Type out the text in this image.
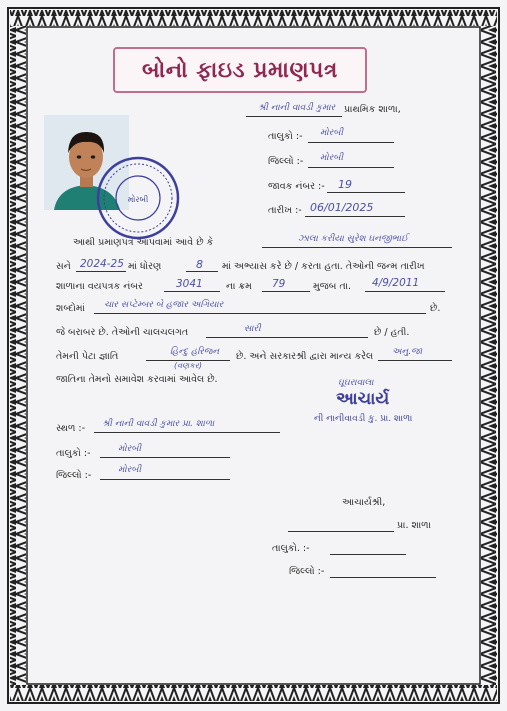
બોનો ફાઇડ પ્રમાણપત્ર
મોરબી
શ્રી નાની વાવડી કુમાર પ્રાથમિક શાળા,
તાલુકો :- મોરબી
જિલ્લો :- મોરબી
જાવક નંબર :- 19
તારીખ :- 06/01/2025
આથી પ્રમાણપત્ર આપવામાં આવે છે કે	ઝાલા કરીયા સુરેશ ઘનજીભાઈ
સને 2024-25 માં ધોરણ	8 માં અભ્યાસ કરે છે / કરતા હતા. તેઓની જન્મ તારીખ
શાળાના વયપત્રક નંબર	3041 ના ક્રમ 79	મુજબ તા. 4/9/2011
શબ્દોમાં ચાર સપ્ટેમ્બર બે હજાર અગિયાર	છે.
જે બરાબર છે. તેઓની ચાલચલગત	સારી	છે / હતી.
તેમની પેટા જ્ઞાતિ	હિન્દુ હરિજન
(વણકર)
છે. અને સરકારશ્રી દ્વારા માન્ય કરેલ અનુ.જા
જાતિના તેમનો સમાવેશ કરવામાં આવેલ છે.	ઘૂઘરાવાલા
આચાર્ય
ની નાનીવાવડી કુ. પ્રા. શાળા
સ્થળ :- શ્રી નાની વાવડી કુમાર પ્રા. શાળા
તાલુકો :-	મોરબી
જિલ્લો :-	મોરબી
આચાર્યશ્રી,
પ્રા. શાળા
તાલુકો. :-
જિલ્લો :-
